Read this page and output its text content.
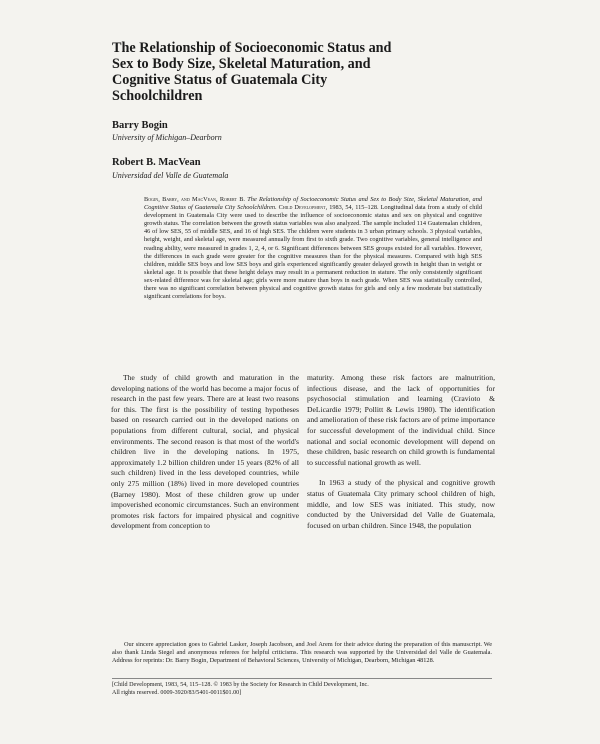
The Relationship of Socioeconomic Status and
Sex to Body Size, Skeletal Maturation, and
Cognitive Status of Guatemala City
Schoolchildren
Barry Bogin
University of Michigan–Dearborn
Robert B. MacVean
Universidad del Valle de Guatemala
Bogin, Barry, and MacVean, Robert B. The Relationship of Socioeconomic Status and Sex to Body Size, Skeletal Maturation, and Cognitive Status of Guatemala City Schoolchildren. Child Development, 1983, 54, 115–128. Longitudinal data from a study of child development in Guatemala City were used to describe the influence of socioeconomic status and sex on physical and cognitive growth status. The correlation between the growth status variables was also analyzed. The sample included 114 Guatemalan children, 46 of low SES, 55 of middle SES, and 16 of high SES. The children were students in 3 urban primary schools. 3 physical variables, height, weight, and skeletal age, were measured annually from first to sixth grade. Two cognitive variables, general intelligence and reading ability, were measured in grades 1, 2, 4, or 6. Significant differences between SES groups existed for all variables. However, the differences in each grade were greater for the cognitive measures than for the physical measures. Compared with high SES children, middle SES boys and low SES boys and girls experienced significantly greater delayed growth in height than in weight or skeletal age. It is possible that these height delays may result in a permanent reduction in stature. The only consistently significant sex-related difference was for skeletal age; girls were more mature than boys in each grade. When SES was statistically controlled, there was no significant correlation between physical and cognitive growth status for girls and only a few moderate but statistically significant correlations for boys.
The study of child growth and maturation in the developing nations of the world has become a major focus of research in the past few years. There are at least two reasons for this. The first is the possibility of testing hypotheses based on research carried out in the developed nations on populations from different cultural, social, and physical environments. The second reason is that most of the world's children live in the developing nations. In 1975, approximately 1.2 billion children under 15 years (82% of all such children) lived in the less developed countries, while only 275 million (18%) lived in more developed countries (Barney 1980). Most of these children grow up under impoverished economic circumstances. Such an environment promotes risk factors for impaired physical and cognitive development from conception to

maturity. Among these risk factors are malnutrition, infectious disease, and the lack of opportunities for psychosocial stimulation and learning (Cravioto & DeLicardie 1979; Pollitt & Lewis 1980). The identification and amelioration of these risk factors are of prime importance for successful development of the individual child. Since national and social economic development will depend on these children, basic research on child growth is fundamental to successful national growth as well.

In 1963 a study of the physical and cognitive growth status of Guatemala City primary school children of high, middle, and low SES was initiated. This study, now conducted by the Universidad del Valle de Guatemala, focused on urban children. Since 1948, the population

Our sincere appreciation goes to Gabriel Lasker, Joseph Jacobson, and Joel Arem for their advice during the preparation of this manuscript. We also thank Linda Siegel and anonymous referees for helpful criticisms. This research was supported by the Universidad del Valle de Guatemala. Address for reprints: Dr. Barry Bogin, Department of Behavioral Sciences, University of Michigan, Dearborn, Michigan 48128.
[Child Development, 1983, 54, 115–128. © 1983 by the Society for Research in Child Development, Inc.
All rights reserved. 0009-3920/83/5401-0011$01.00]
